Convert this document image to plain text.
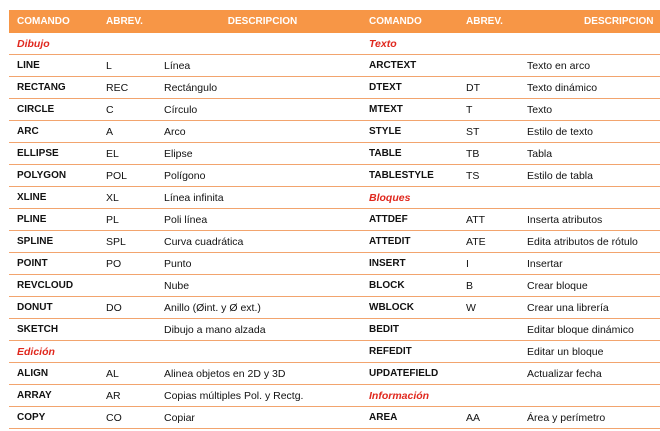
COMANDO	ABREV.	DESCRIPCION	COMANDO	ABREV.	DESCRIPCION
Dibujo			Texto		
LINE	L	Línea	ARCTEXT		Texto en arco
RECTANG	REC	Rectángulo	DTEXT	DT	Texto dinámico
CIRCLE	C	Círculo	MTEXT	T	Texto
ARC	A	Arco	STYLE	ST	Estilo de texto
ELLIPSE	EL	Elipse	TABLE	TB	Tabla
POLYGON	POL	Polígono	TABLESTYLE	TS	Estilo de tabla
XLINE	XL	Línea infinita	Bloques		
PLINE	PL	Poli línea	ATTDEF	ATT	Inserta atributos
SPLINE	SPL	Curva cuadrática	ATTEDIT	ATE	Edita atributos de rótulo
POINT	PO	Punto	INSERT	I	Insertar
REVCLOUD		Nube	BLOCK	B	Crear bloque
DONUT	DO	Anillo (Øint. y Ø ext.)	WBLOCK	W	Crear una librería
SKETCH		Dibujo a mano alzada	BEDIT		Editar bloque dinámico
Edición			REFEDIT		Editar un bloque
ALIGN	AL	Alinea objetos en 2D y 3D	UPDATEFIELD		Actualizar fecha
ARRAY	AR	Copias múltiples Pol. y Rectg.	Información		
COPY	CO	Copiar	AREA	AA	Área y perímetro
